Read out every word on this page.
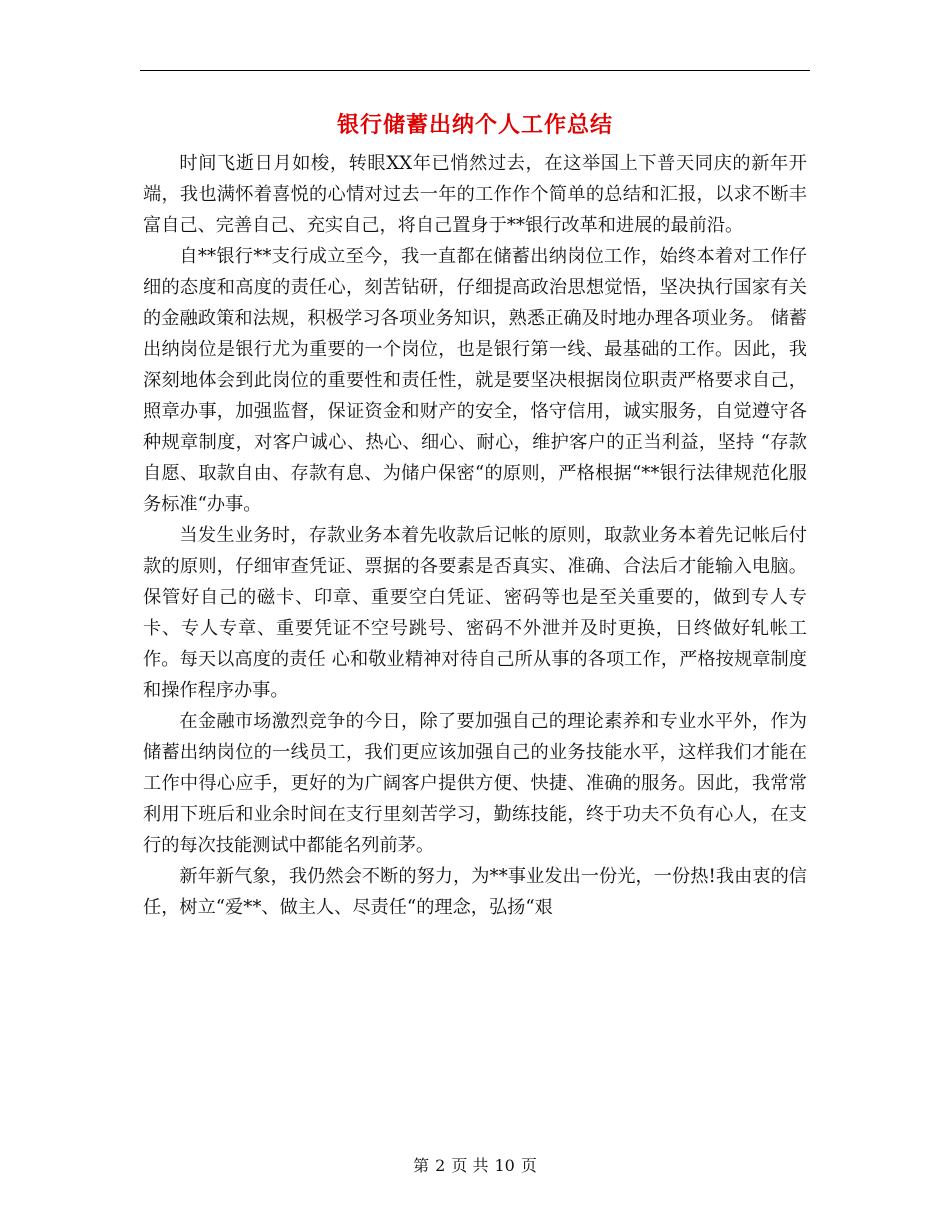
银行储蓄出纳个人工作总结

时间飞逝日月如梭，转眼XX年已悄然过去，在这举国上下普天同庆的新年开端，我也满怀着喜悦的心情对过去一年的工作作个简单的总结和汇报，以求不断丰富自己、完善自己、充实自己，将自己置身于**银行改革和进展的最前沿。

自**银行**支行成立至今，我一直都在储蓄出纳岗位工作，始终本着对工作仔细的态度和高度的责任心，刻苦钻研，仔细提高政治思想觉悟，坚决执行国家有关的金融政策和法规，积极学习各项业务知识，熟悉正确及时地办理各项业务。 储蓄出纳岗位是银行尤为重要的一个岗位，也是银行第一线、最基础的工作。因此，我深刻地体会到此岗位的重要性和责任性，就是要坚决根据岗位职责严格要求自己，照章办事，加强监督，保证资金和财产的安全，恪守信用，诚实服务，自觉遵守各种规章制度，对客户诚心、热心、细心、耐心，维护客户的正当利益，坚持 “存款自愿、取款自由、存款有息、为储户保密“的原则，严格根据“**银行法律规范化服务标准“办事。

当发生业务时，存款业务本着先收款后记帐的原则，取款业务本着先记帐后付款的原则，仔细审查凭证、票据的各要素是否真实、准确、合法后才能输入电脑。保管好自己的磁卡、印章、重要空白凭证、密码等也是至关重要的，做到专人专卡、专人专章、重要凭证不空号跳号、密码不外泄并及时更换，日终做好轧帐工作。每天以高度的责任 心和敬业精神对待自己所从事的各项工作，严格按规章制度和操作程序办事。

在金融市场激烈竞争的今日，除了要加强自己的理论素养和专业水平外，作为储蓄出纳岗位的一线员工，我们更应该加强自己的业务技能水平，这样我们才能在工作中得心应手，更好的为广阔客户提供方便、快捷、准确的服务。因此，我常常利用下班后和业余时间在支行里刻苦学习，勤练技能，终于功夫不负有心人，在支行的每次技能测试中都能名列前茅。

新年新气象，我仍然会不断的努力，为**事业发出一份光，一份热!我由衷的信任，树立“爱**、做主人、尽责任“的理念，弘扬“艰

第 2 页 共 10 页
